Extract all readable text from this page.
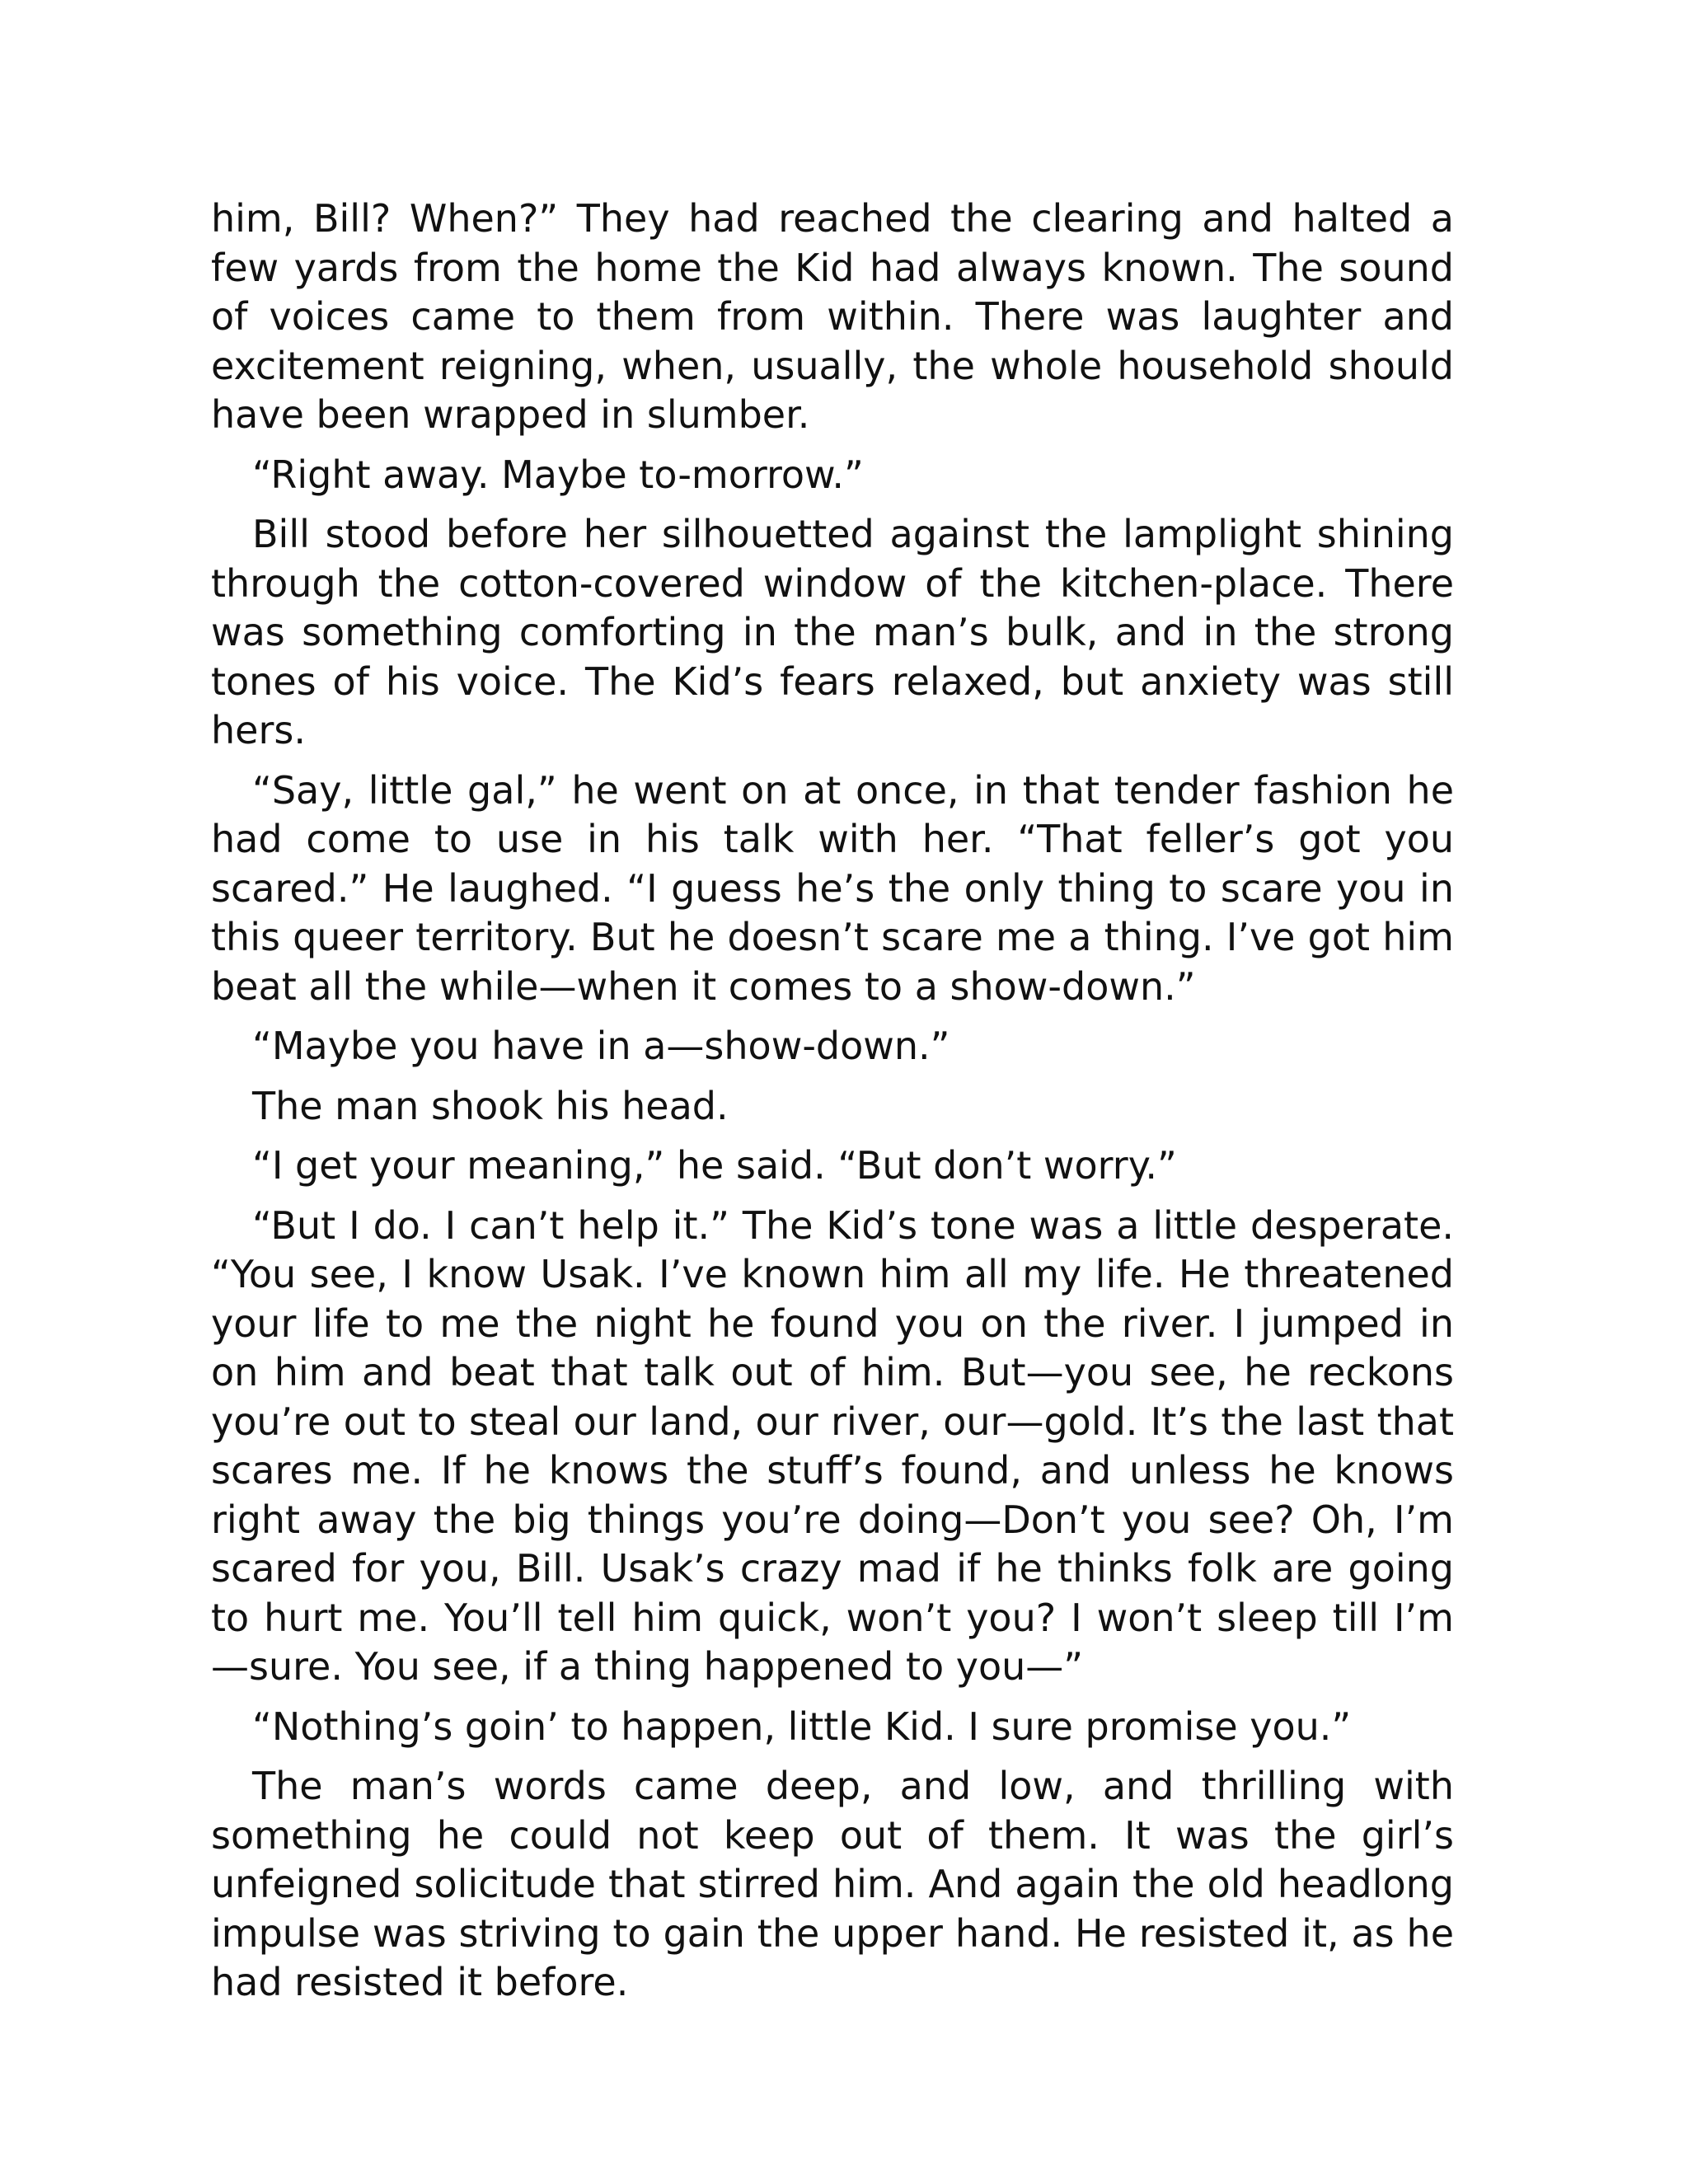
him, Bill? When?” They had reached the clearing and halted a few yards from the home the Kid had always known. The sound of voices came to them from within. There was laughter and excitement reigning, when, usually, the whole household should have been wrapped in slumber.

“Right away. Maybe to-morrow.”

Bill stood before her silhouetted against the lamplight shining through the cotton-covered window of the kitchen-place. There was something comforting in the man’s bulk, and in the strong tones of his voice. The Kid’s fears relaxed, but anxiety was still hers.

“Say, little gal,” he went on at once, in that tender fashion he had come to use in his talk with her. “That feller’s got you scared.” He laughed. “I guess he’s the only thing to scare you in this queer territory. But he doesn’t scare me a thing. I’ve got him beat all the while—when it comes to a show-down.”

“Maybe you have in a—show-down.”

The man shook his head.

“I get your meaning,” he said. “But don’t worry.”

“But I do. I can’t help it.” The Kid’s tone was a little desperate. “You see, I know Usak. I’ve known him all my life. He threatened your life to me the night he found you on the river. I jumped in on him and beat that talk out of him. But—you see, he reckons you’re out to steal our land, our river, our—gold. It’s the last that scares me. If he knows the stuff’s found, and unless he knows right away the big things you’re doing—Don’t you see? Oh, I’m scared for you, Bill. Usak’s crazy mad if he thinks folk are going to hurt me. You’ll tell him quick, won’t you? I won’t sleep till I’m—sure. You see, if a thing happened to you—”

“Nothing’s goin’ to happen, little Kid. I sure promise you.”

The man’s words came deep, and low, and thrilling with something he could not keep out of them. It was the girl’s unfeigned solicitude that stirred him. And again the old headlong impulse was striving to gain the upper hand. He resisted it, as he had resisted it before.
